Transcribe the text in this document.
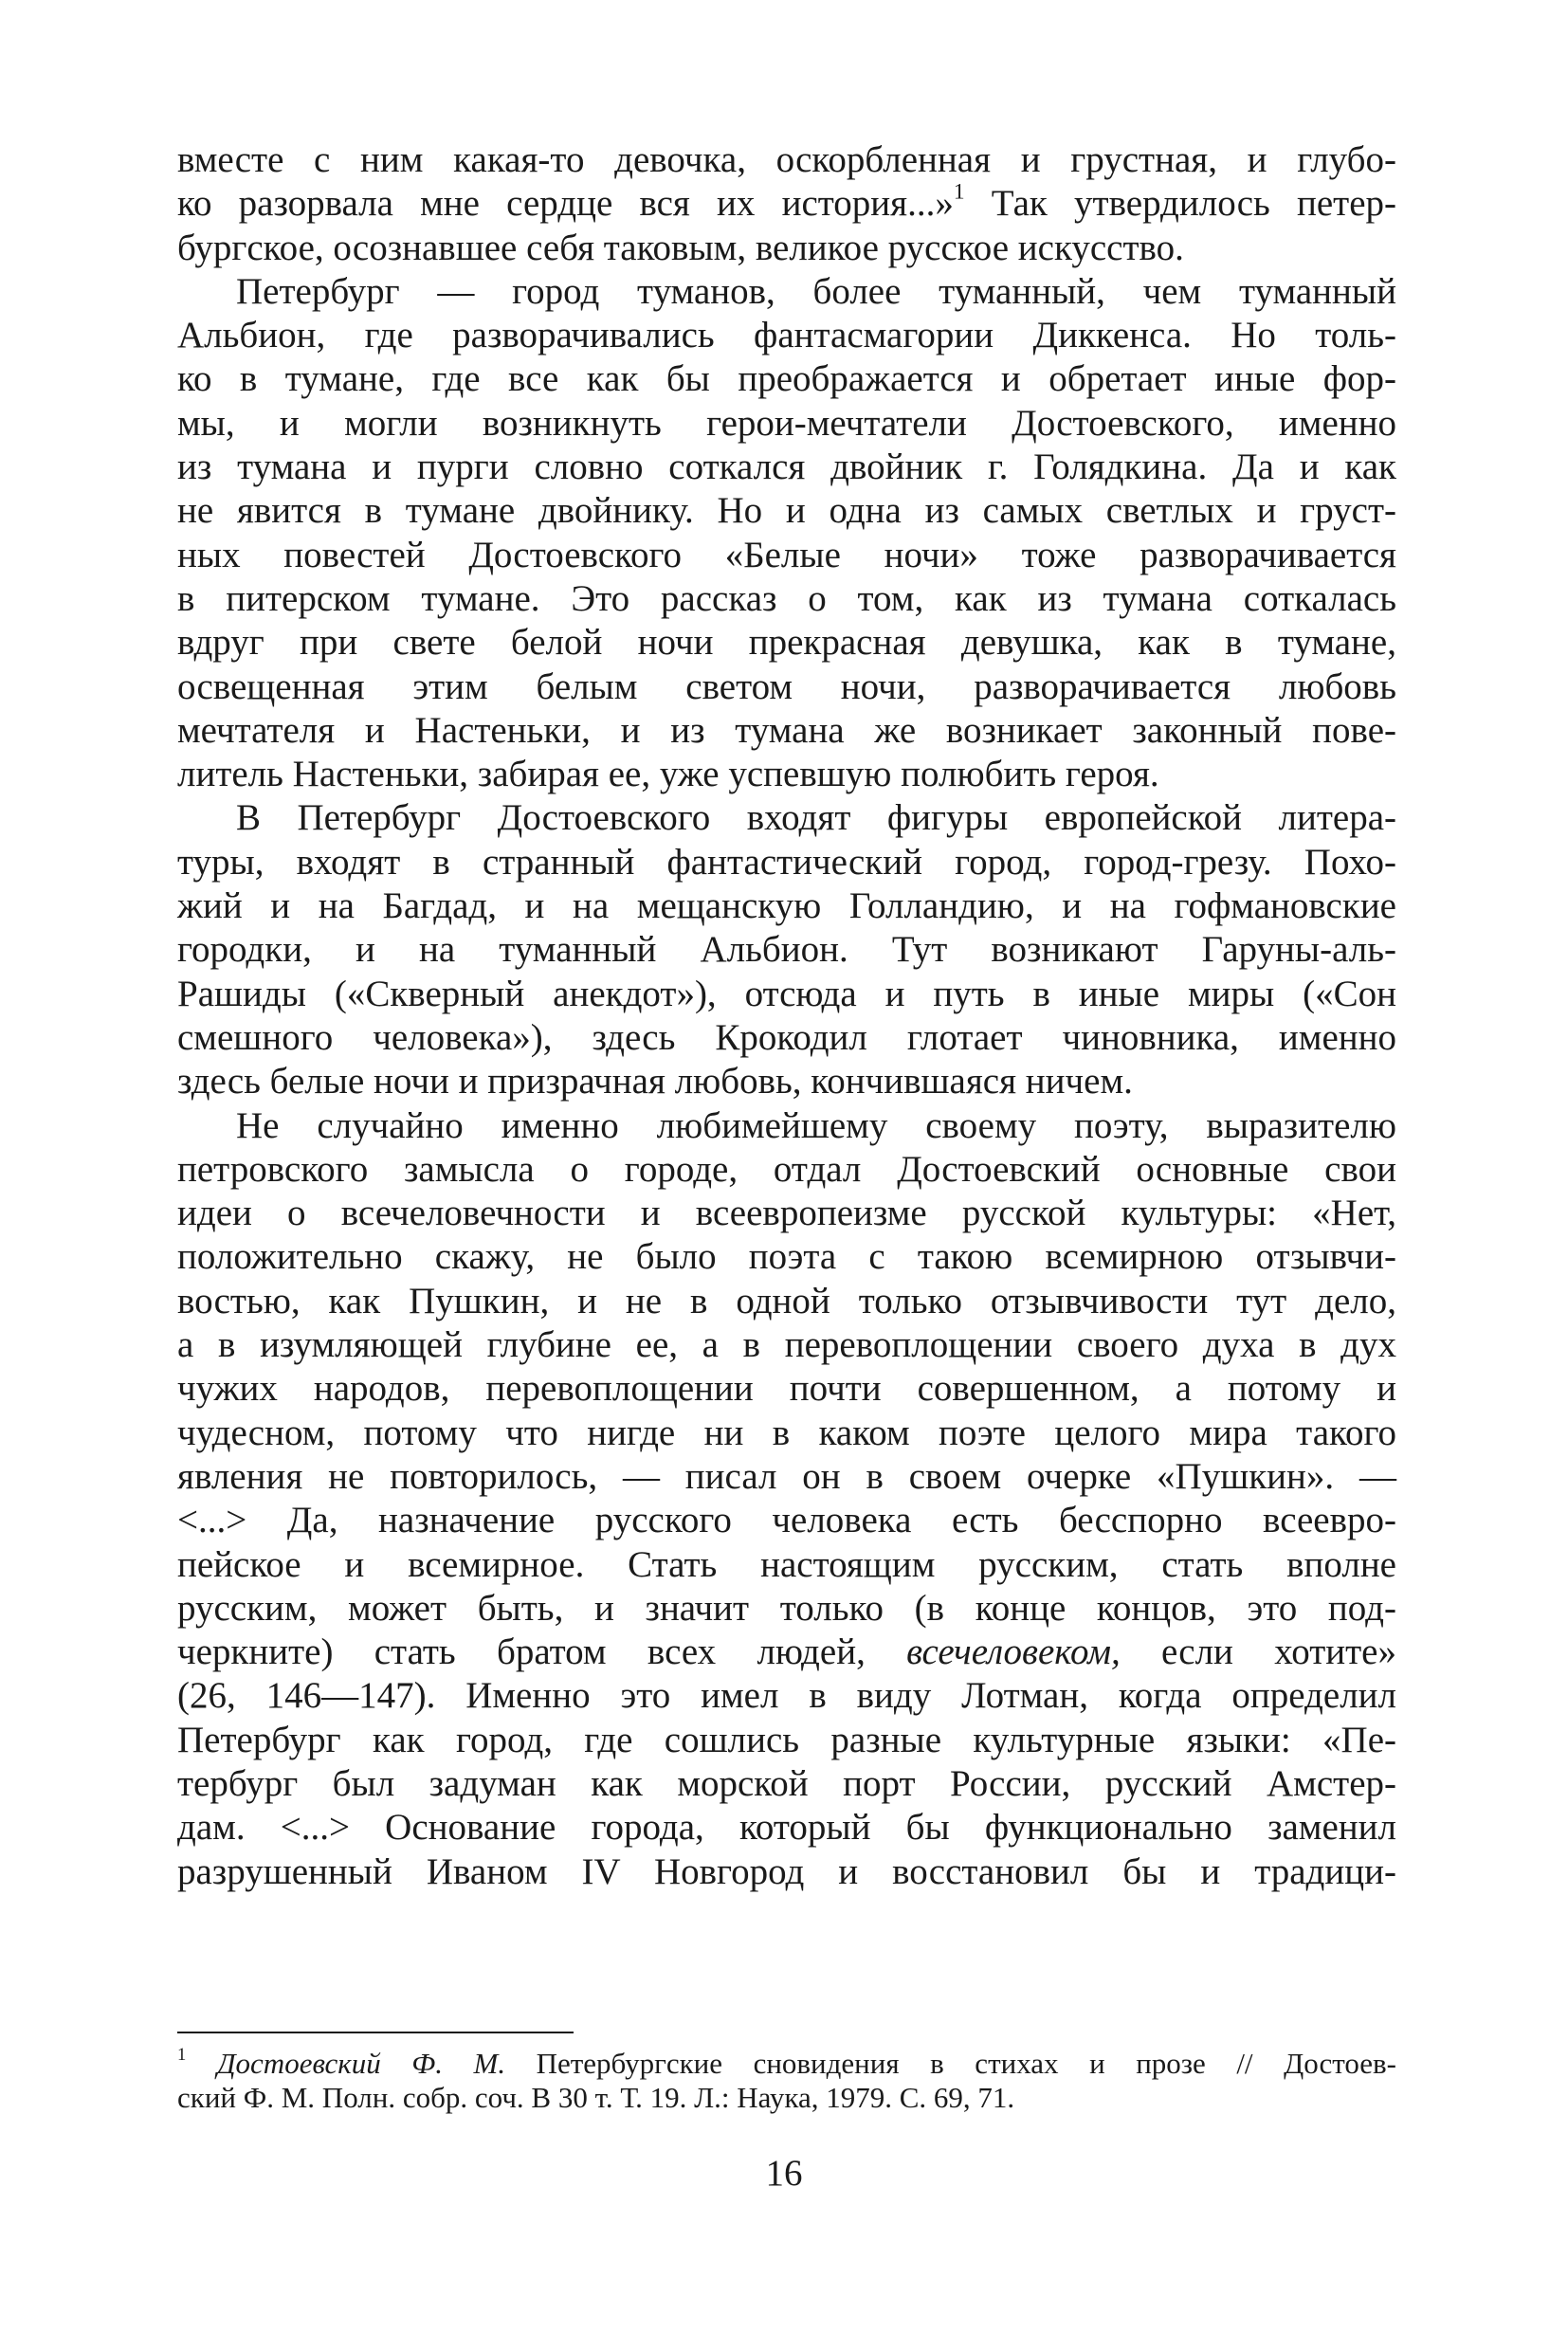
вместе с ним какая-то девочка, оскорбленная и грустная, и глубо-
ко разорвала мне сердце вся их история...»$^1$ Так утвердилось петер-
бургское, осознавшее себя таковым, великое русское искусство.
Петербург — город туманов, более туманный, чем туманный
Альбион, где разворачивались фантасмагории Диккенса. Но толь-
ко в тумане, где все как бы преображается и обретает иные фор-
мы, и могли возникнуть герои-мечтатели Достоевского, именно
из тумана и пурги словно соткался двойник г. Голядкина. Да и как
не явится в тумане двойнику. Но и одна из самых светлых и груст-
ных повестей Достоевского «Белые ночи» тоже разворачивается
в питерском тумане. Это рассказ о том, как из тумана соткалась
вдруг при свете белой ночи прекрасная девушка, как в тумане,
освещенная этим белым светом ночи, разворачивается любовь
мечтателя и Настеньки, и из тумана же возникает законный пове-
литель Настеньки, забирая ее, уже успевшую полюбить героя.
В Петербург Достоевского входят фигуры европейской литера-
туры, входят в странный фантастический город, город-грезу. Похо-
жий и на Багдад, и на мещанскую Голландию, и на гофмановские
городки, и на туманный Альбион. Тут возникают Гаруны-аль-
Рашиды («Скверный анекдот»), отсюда и путь в иные миры («Сон
смешного человека»), здесь Крокодил глотает чиновника, именно
здесь белые ночи и призрачная любовь, кончившаяся ничем.
Не случайно именно любимейшему своему поэту, выразителю
петровского замысла о городе, отдал Достоевский основные свои
идеи о всечеловечности и всеевропеизме русской культуры: «Нет,
положительно скажу, не было поэта с такою всемирною отзывчи-
востью, как Пушкин, и не в одной только отзывчивости тут дело,
а в изумляющей глубине ее, а в перевоплощении своего духа в дух
чужих народов, перевоплощении почти совершенном, а потому и
чудесном, потому что нигде ни в каком поэте целого мира такого
явления не повторилось, — писал он в своем очерке «Пушкин». —
<...> Да, назначение русского человека есть бесспорно всеевро-
пейское и всемирное. Стать настоящим русским, стать вполне
русским, может быть, и значит только (в конце концов, это под-
черкните) стать братом всех людей, всечеловеком, если хотите»
(26, 146—147). Именно это имел в виду Лотман, когда определил
Петербург как город, где сошлись разные культурные языки: «Пе-
тербург был задуман как морской порт России, русский Амстер-
дам. <...> Основание города, который бы функционально заменил
разрушенный Иваном IV Новгород и восстановил бы и традици-
$^1$ Достоевский Ф. М. Петербургские сновидения в стихах и прозе // Достоев-
ский Ф. М. Полн. собр. соч. В 30 т. Т. 19. Л.: Наука, 1979. С. 69, 71.
16
